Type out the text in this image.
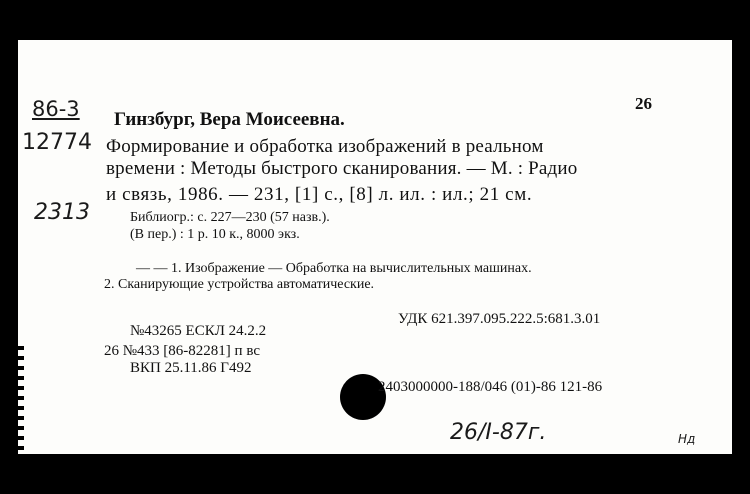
26
86-3
12774
2313
Гинзбург, Вера Моисеевна.
Формирование и обработка изображений в реальном
времени : Методы быстрого сканирования. — М. : Радио
и связь, 1986. — 231, [1] с., [8] л. ил. : ил.; 21 см.
Библиогр.: с. 227—230 (57 назв.).
(В пер.) : 1 р. 10 к., 8000 экз.
— — 1. Изображение — Обработка на вычислительных машинах.
2. Сканирующие устройства автоматические.
УДК 621.397.095.222.5:681.3.01
№43265 ЕСКЛ 24.2.2
26 №433 [86-82281] п вс
ВКП 25.11.86 Г492
2403000000-188/046 (01)-86 121-86
26/I-87г.	Нд
